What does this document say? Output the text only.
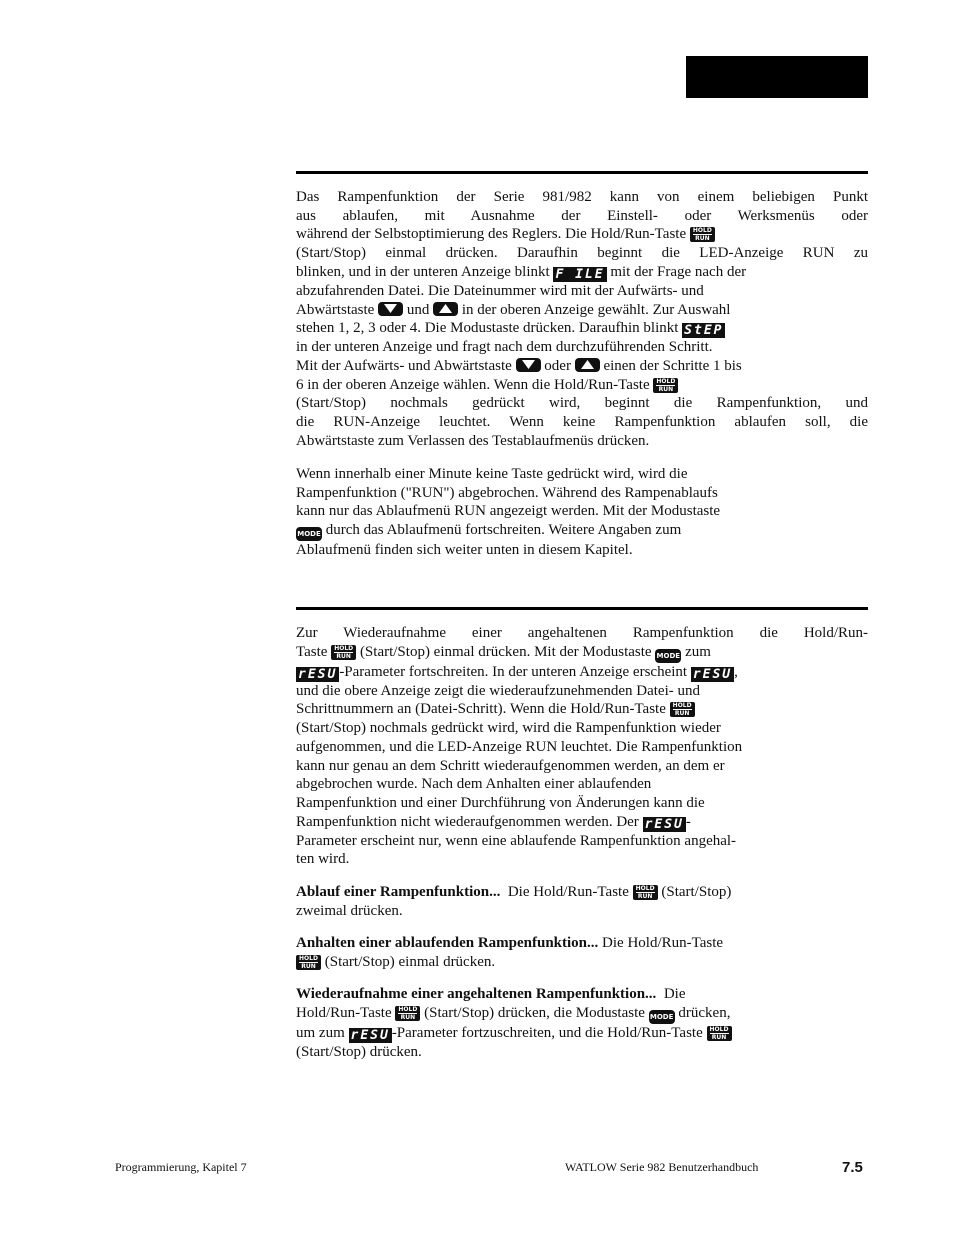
Das Rampenfunktion der Serie 981/982 kann von einem beliebigen Punkt
aus ablaufen, mit Ausnahme der Einstell- oder Werksmenüs oder
während der Selbstoptimierung des Reglers. Die Hold/Run-Taste HOLD
RUN
(Start/Stop) einmal drücken. Daraufhin beginnt die LED-Anzeige RUN zu
blinken, und in der unteren Anzeige blinkt F ILE mit der Frage nach der
abzufahrenden Datei. Die Dateinummer wird mit der Aufwärts- und
Abwärtstaste und in der oberen Anzeige gewählt. Zur Auswahl
stehen 1, 2, 3 oder 4. Die Modustaste drücken. Daraufhin blinkt StEP
in der unteren Anzeige und fragt nach dem durchzuführenden Schritt.
Mit der Aufwärts- und Abwärtstaste oder einen der Schritte 1 bis
6 in der oberen Anzeige wählen. Wenn die Hold/Run-Taste HOLD
RUN
(Start/Stop) nochmals gedrückt wird, beginnt die Rampenfunktion, und
die RUN-Anzeige leuchtet. Wenn keine Rampenfunktion ablaufen soll, die
Abwärtstaste zum Verlassen des Testablaufmenüs drücken.
Wenn innerhalb einer Minute keine Taste gedrückt wird, wird die
Rampenfunktion ("RUN") abgebrochen. Während des Rampenablaufs
kann nur das Ablaufmenü RUN angezeigt werden. Mit der Modustaste
MODE durch das Ablaufmenü fortschreiten. Weitere Angaben zum
Ablaufmenü finden sich weiter unten in diesem Kapitel.
Zur Wiederaufnahme einer angehaltenen Rampenfunktion die Hold/Run-
Taste HOLD
RUN (Start/Stop) einmal drücken. Mit der Modustaste MODE zum
rESU -Parameter fortschreiten. In der unteren Anzeige erscheint rESU ,
und die obere Anzeige zeigt die wiederaufzunehmenden Datei- und
Schrittnummern an (Datei-Schritt). Wenn die Hold/Run-Taste HOLD
RUN
(Start/Stop) nochmals gedrückt wird, wird die Rampenfunktion wieder
aufgenommen, und die LED-Anzeige RUN leuchtet. Die Rampenfunktion
kann nur genau an dem Schritt wiederaufgenommen werden, an dem er
abgebrochen wurde. Nach dem Anhalten einer ablaufenden
Rampenfunktion und einer Durchführung von Änderungen kann die
Rampenfunktion nicht wiederaufgenommen werden. Der rESU -
Parameter erscheint nur, wenn eine ablaufende Rampenfunktion angehal-
ten wird.
Ablauf einer Rampenfunktion... Die Hold/Run-Taste HOLD
RUN (Start/Stop)
zweimal drücken.
Anhalten einer ablaufenden Rampenfunktion... Die Hold/Run-Taste
HOLD
RUN (Start/Stop) einmal drücken.
Wiederaufnahme einer angehaltenen Rampenfunktion... Die
Hold/Run-Taste HOLD
RUN (Start/Stop) drücken, die Modustaste MODE drücken,
um zum rESU -Parameter fortzuschreiten, und die Hold/Run-Taste HOLD
RUN
(Start/Stop) drücken.
Programmierung, Kapitel 7	WATLOW Serie 982 Benutzerhandbuch	7.5
